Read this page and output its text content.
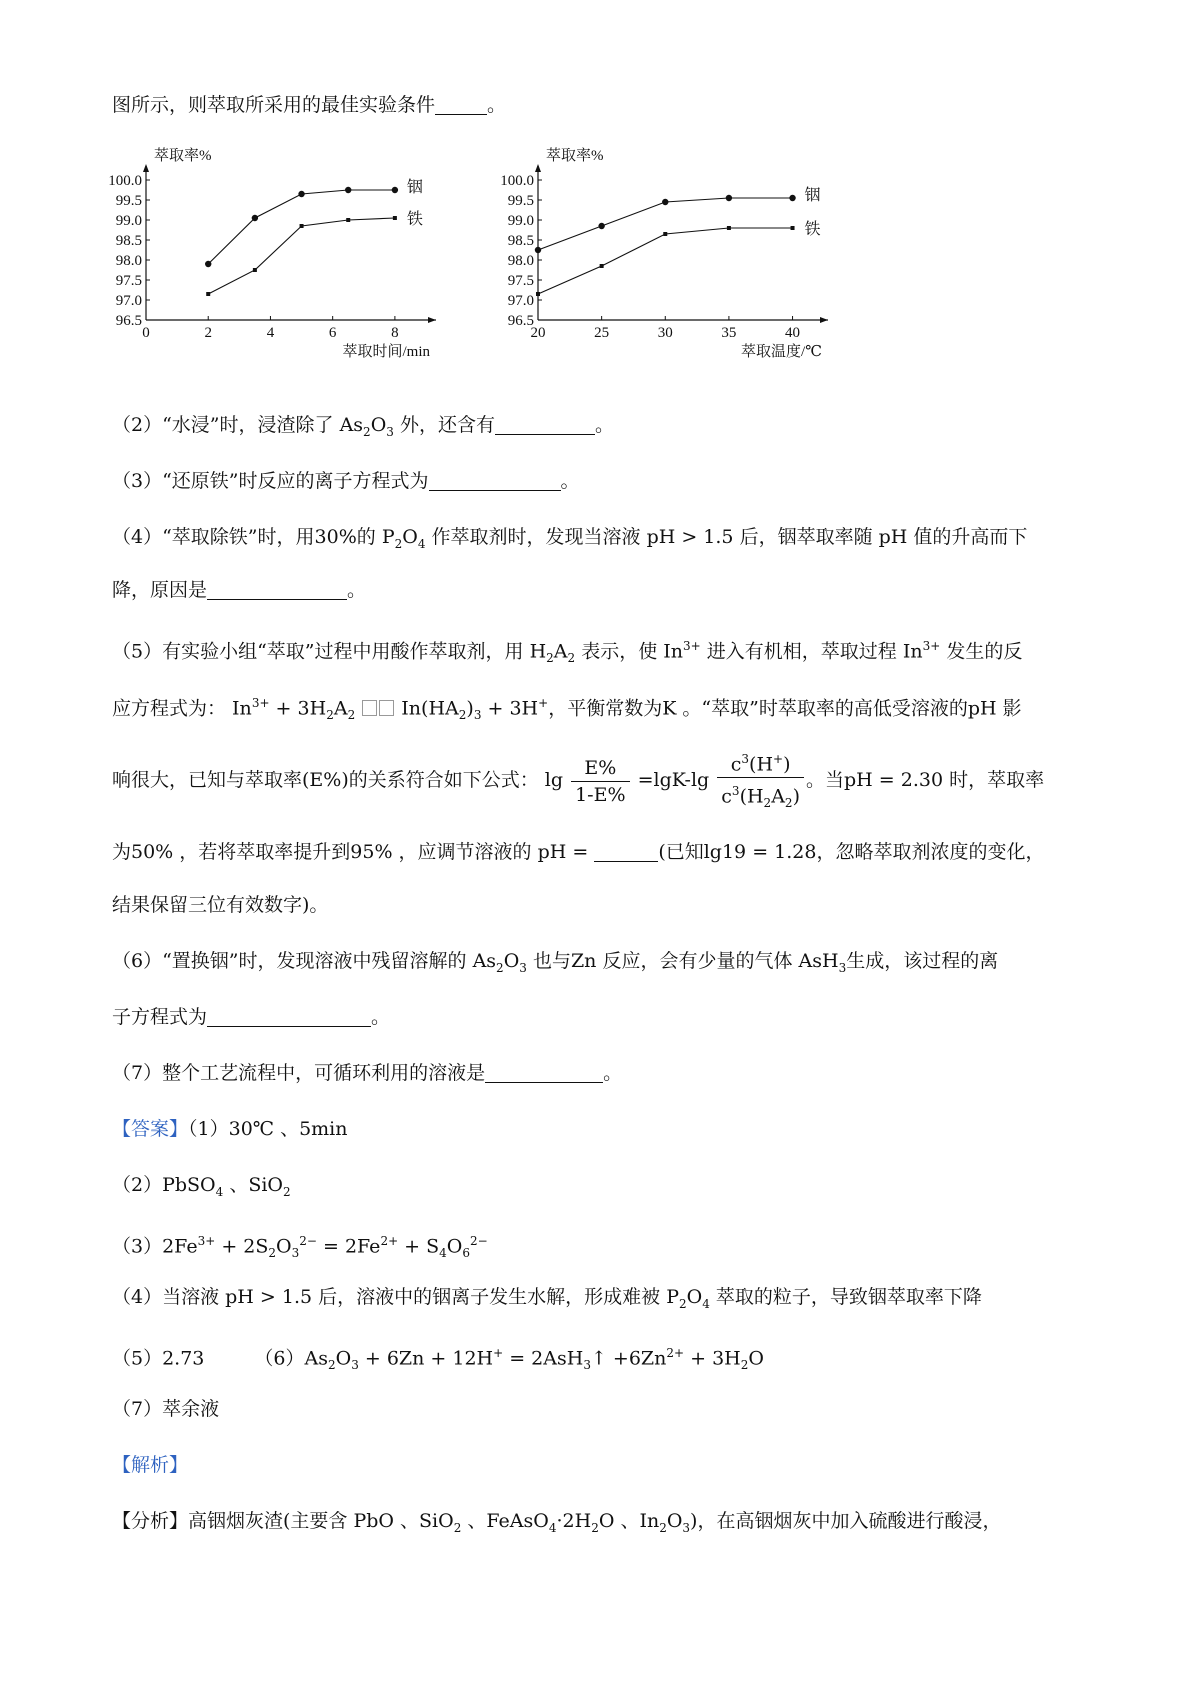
图所示，则萃取所采用的最佳实验条件	。
萃取率%
96.5
97.0
97.5
98.0
98.5
99.0
99.5
100.0
0	2	4	6	8
萃取时间/min
铟
铁
萃取率%
96.5
97.0
97.5
98.0
98.5
99.0
99.5
100.0
20	25	30	35	40
萃取温度/℃
铟
铁
（2）“水浸”时，浸渣除了 $As_2O_3$ 外，还含有	。
（3）“还原铁”时反应的离子方程式为	。
（4）“萃取除铁”时，用30%的 $P_2O_4$ 作萃取剂时，发现当溶液 pH > 1.5 后，铟萃取率随 pH 值的升高而下
降，原因是	。
（5）有实验小组“萃取”过程中用酸作萃取剂，用 $H_2A_2$ 表示，使 $In^{3+}$ 进入有机相，萃取过程 $In^{3+}$ 发生的反
应方程式为： $In^{3+} + 3H_2A_2$  $In(HA_2)_3 + 3H^+$，平衡常数为K 。“萃取”时萃取率的高低受溶液的pH 影
响很大，已知与萃取率(E%)的关系符合如下公式： $\lg \frac{E\%}{1-E\%} =\lg K-\lg \frac{c^3(H^+)}{c^3(H_2A_2)}$ 。当pH = 2.30 时，萃取率
为50% ，若将萃取率提升到95% ，应调节溶液的 pH =	(已知lg19 = 1.28，忽略萃取剂浓度的变化，
结果保留三位有效数字)。
（6）“置换铟”时，发现溶液中残留溶解的 $As_2O_3$ 也与Zn 反应，会有少量的气体 AsH$_3$生成，该过程的离
子方程式为	。
（7）整个工艺流程中，可循环利用的溶液是	。
【答案】（1）30℃ 、5min
（2）PbSO$_4$ 、SiO$_2$
$(3)2Fe^{3+} + 2S_2O_3^{2-} = 2Fe^{2+} + S_4O_6^{2-}$
（4）当溶液 pH > 1.5 后，溶液中的铟离子发生水解，形成难被 $P_2O_4$ 萃取的粒子，导致铟萃取率下降
（5）2.73	$(6)As_2O_3 + 6Zn + 12H^+$ = 2AsH$_3$↑ $+6Zn^{2+} + 3H_2O$
（7）萃余液
【解析】
【分析】高铟烟灰渣(主要含 PbO 、SiO$_2$ 、$FeAsO_4\cdot 2H_2O$ 、$In_2O_3$)，在高铟烟灰中加入硫酸进行酸浸，
